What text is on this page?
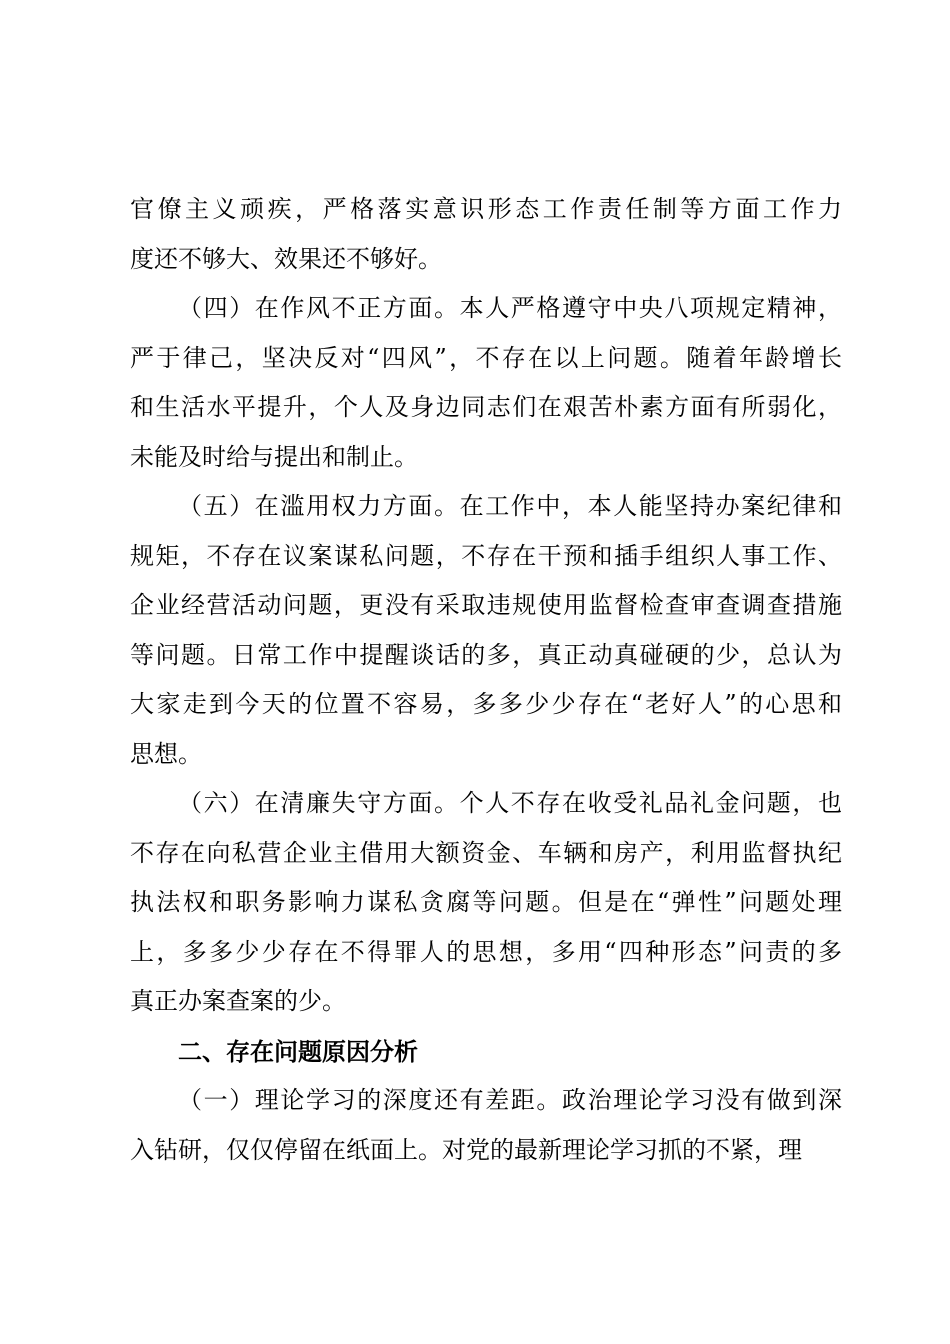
官僚主义顽疾，严格落实意识形态工作责任制等方面工作力
度还不够大、效果还不够好。
（四）在作风不正方面。本人严格遵守中央八项规定精神，
严于律己，坚决反对“四风”，不存在以上问题。随着年龄增长
和生活水平提升，个人及身边同志们在艰苦朴素方面有所弱化，
未能及时给与提出和制止。
（五）在滥用权力方面。在工作中，本人能坚持办案纪律和
规矩，不存在议案谋私问题，不存在干预和插手组织人事工作、
企业经营活动问题，更没有采取违规使用监督检查审查调查措施
等问题。日常工作中提醒谈话的多，真正动真碰硬的少，总认为
大家走到今天的位置不容易，多多少少存在“老好人”的心思和
思想。
（六）在清廉失守方面。个人不存在收受礼品礼金问题，也
不存在向私营企业主借用大额资金、车辆和房产，利用监督执纪
执法权和职务影响力谋私贪腐等问题。但是在“弹性”问题处理
上，多多少少存在不得罪人的思想，多用“四种形态”问责的多
真正办案查案的少。
二、存在问题原因分析
（一）理论学习的深度还有差距。政治理论学习没有做到深
入钻研，仅仅停留在纸面上。对党的最新理论学习抓的不紧，理
